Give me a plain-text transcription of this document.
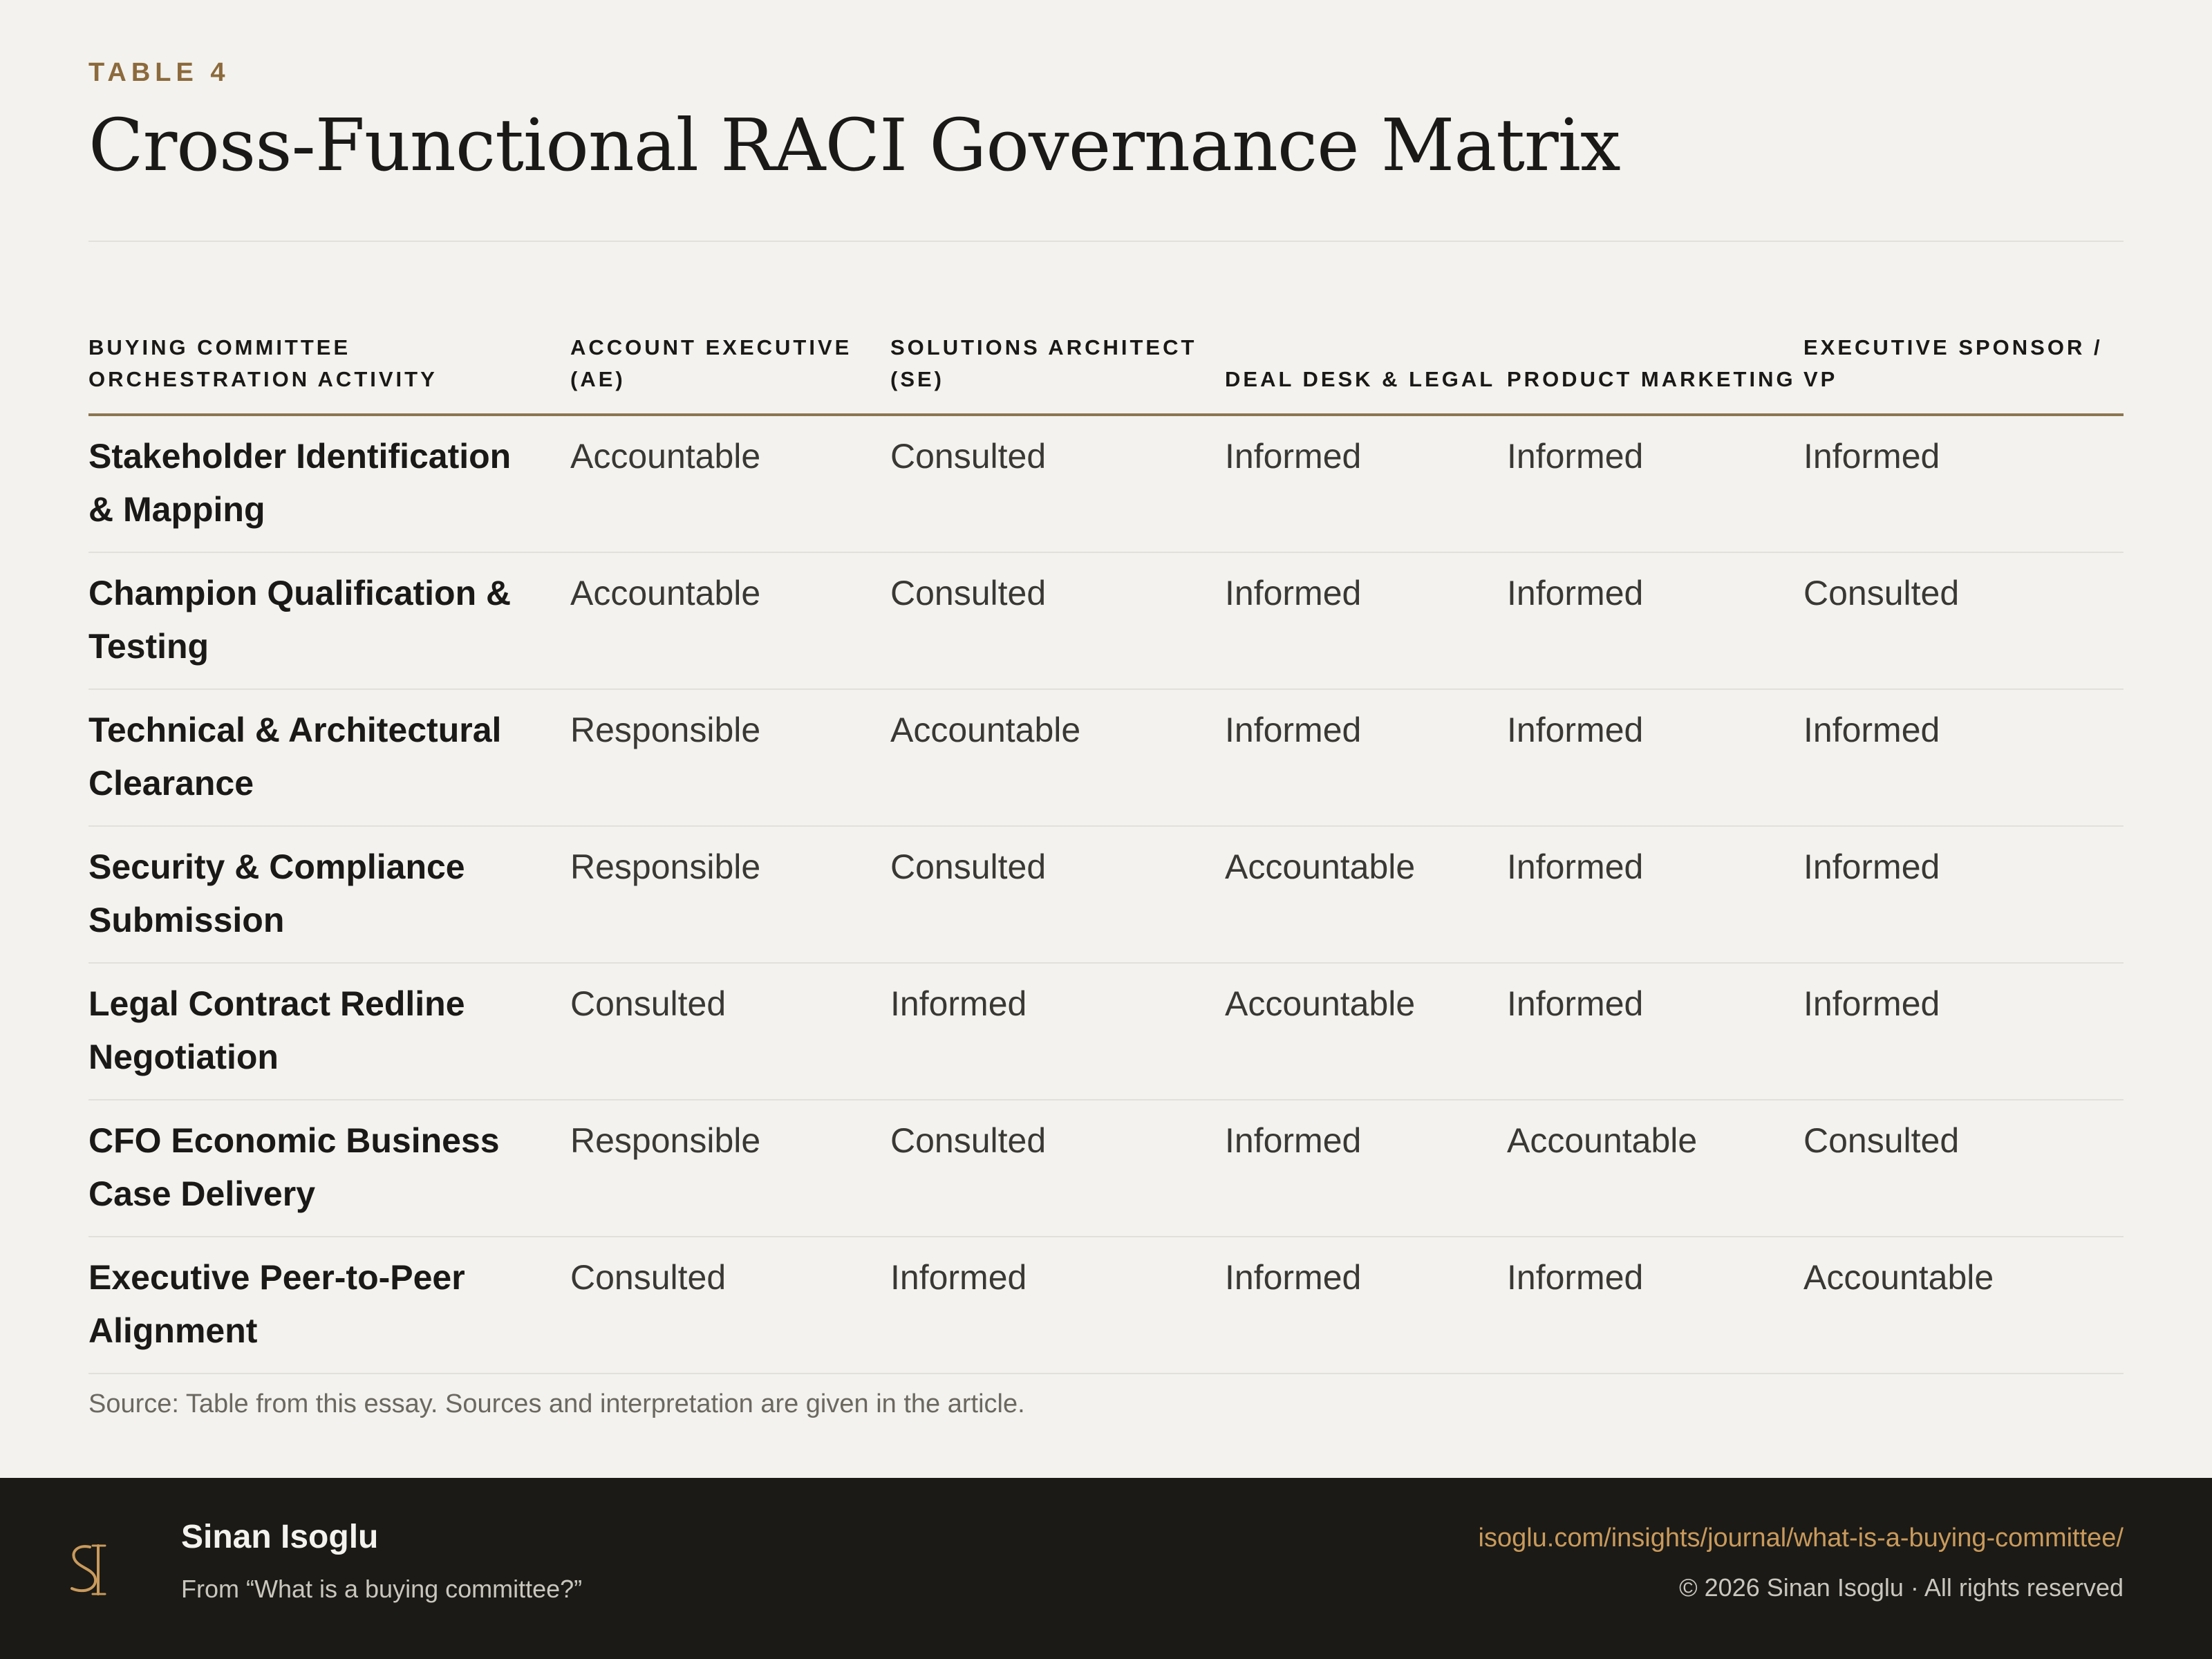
TABLE 4
Cross-Functional RACI Governance Matrix
BUYING COMMITTEE ORCHESTRATION ACTIVITY	ACCOUNT EXECUTIVE (AE)	SOLUTIONS ARCHITECT (SE)	DEAL DESK & LEGAL	PRODUCT MARKETING	EXECUTIVE SPONSOR / VP
Stakeholder Identification & Mapping	Accountable	Consulted	Informed	Informed	Informed
Champion Qualification & Testing	Accountable	Consulted	Informed	Informed	Consulted
Technical & Architectural Clearance	Responsible	Accountable	Informed	Informed	Informed
Security & Compliance Submission	Responsible	Consulted	Accountable	Informed	Informed
Legal Contract Redline Negotiation	Consulted	Informed	Accountable	Informed	Informed
CFO Economic Business Case Delivery	Responsible	Consulted	Informed	Accountable	Consulted
Executive Peer-to-Peer Alignment	Consulted	Informed	Informed	Informed	Accountable
Source: Table from this essay. Sources and interpretation are given in the article.
Sinan Isoglu
From “What is a buying committee?”
isoglu.com/insights/journal/what-is-a-buying-committee/
© 2026 Sinan Isoglu · All rights reserved
